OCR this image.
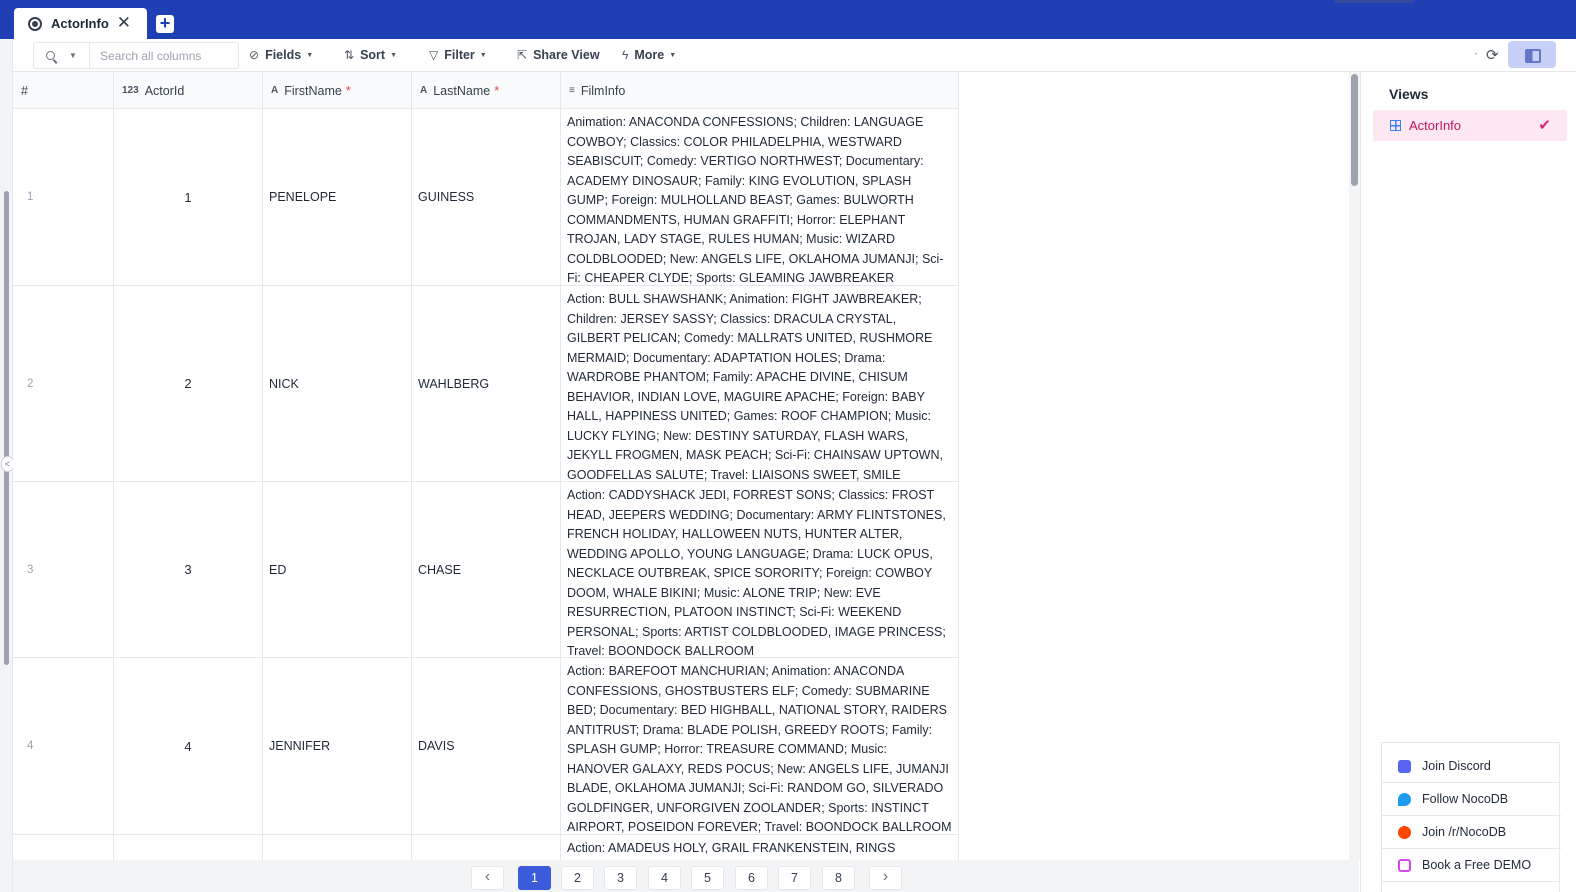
ActorInfo ✕ +
<
▼
Search all columns	⊘ Fields ▼	⇅ Sort ▼	▽ Filter ▼	⇱ Share View ϟ More ▼	· ⟳
#	123 ActorId	A FirstName *	A LastName *	≡ FilmInfo
1	1	PENELOPE	GUINESS
Animation: ANACONDA CONFESSIONS; Children: LANGUAGE COWBOY; Classics: COLOR PHILADELPHIA, WESTWARD SEABISCUIT; Comedy: VERTIGO NORTHWEST; Documentary: ACADEMY DINOSAUR; Family: KING EVOLUTION, SPLASH GUMP; Foreign: MULHOLLAND BEAST; Games: BULWORTH COMMANDMENTS, HUMAN GRAFFITI; Horror: ELEPHANT TROJAN, LADY STAGE, RULES HUMAN; Music: WIZARD COLDBLOODED; New: ANGELS LIFE, OKLAHOMA JUMANJI; Sci-Fi: CHEAPER CLYDE; Sports: GLEAMING JAWBREAKER
2	2	NICK	WAHLBERG
Action: BULL SHAWSHANK; Animation: FIGHT JAWBREAKER; Children: JERSEY SASSY; Classics: DRACULA CRYSTAL, GILBERT PELICAN; Comedy: MALLRATS UNITED, RUSHMORE MERMAID; Documentary: ADAPTATION HOLES; Drama: WARDROBE PHANTOM; Family: APACHE DIVINE, CHISUM BEHAVIOR, INDIAN LOVE, MAGUIRE APACHE; Foreign: BABY HALL, HAPPINESS UNITED; Games: ROOF CHAMPION; Music: LUCKY FLYING; New: DESTINY SATURDAY, FLASH WARS, JEKYLL FROGMEN, MASK PEACH; Sci-Fi: CHAINSAW UPTOWN, GOODFELLAS SALUTE; Travel: LIAISONS SWEET, SMILE
3	3	ED	CHASE
Action: CADDYSHACK JEDI, FORREST SONS; Classics: FROST HEAD, JEEPERS WEDDING; Documentary: ARMY FLINTSTONES, FRENCH HOLIDAY, HALLOWEEN NUTS, HUNTER ALTER, WEDDING APOLLO, YOUNG LANGUAGE; Drama: LUCK OPUS, NECKLACE OUTBREAK, SPICE SORORITY; Foreign: COWBOY DOOM, WHALE BIKINI; Music: ALONE TRIP; New: EVE RESURRECTION, PLATOON INSTINCT; Sci-Fi: WEEKEND PERSONAL; Sports: ARTIST COLDBLOODED, IMAGE PRINCESS; Travel: BOONDOCK BALLROOM
4	4	JENNIFER	DAVIS
Action: BAREFOOT MANCHURIAN; Animation: ANACONDA CONFESSIONS, GHOSTBUSTERS ELF; Comedy: SUBMARINE BED; Documentary: BED HIGHBALL, NATIONAL STORY, RAIDERS ANTITRUST; Drama: BLADE POLISH, GREEDY ROOTS; Family: SPLASH GUMP; Horror: TREASURE COMMAND; Music: HANOVER GALAXY, REDS POCUS; New: ANGELS LIFE, JUMANJI BLADE, OKLAHOMA JUMANJI; Sci-Fi: RANDOM GO, SILVERADO GOLDFINGER, UNFORGIVEN ZOOLANDER; Sports: INSTINCT AIRPORT, POSEIDON FOREVER; Travel: BOONDOCK BALLROOM
Action: AMADEUS HOLY, GRAIL FRANKENSTEIN, RINGS
‹	1	2	3	4	5	6	7	8	›
Views
ActorInfo	✔
Join Discord
Follow NocoDB
Join /r/NocoDB
Book a Free DEMO
